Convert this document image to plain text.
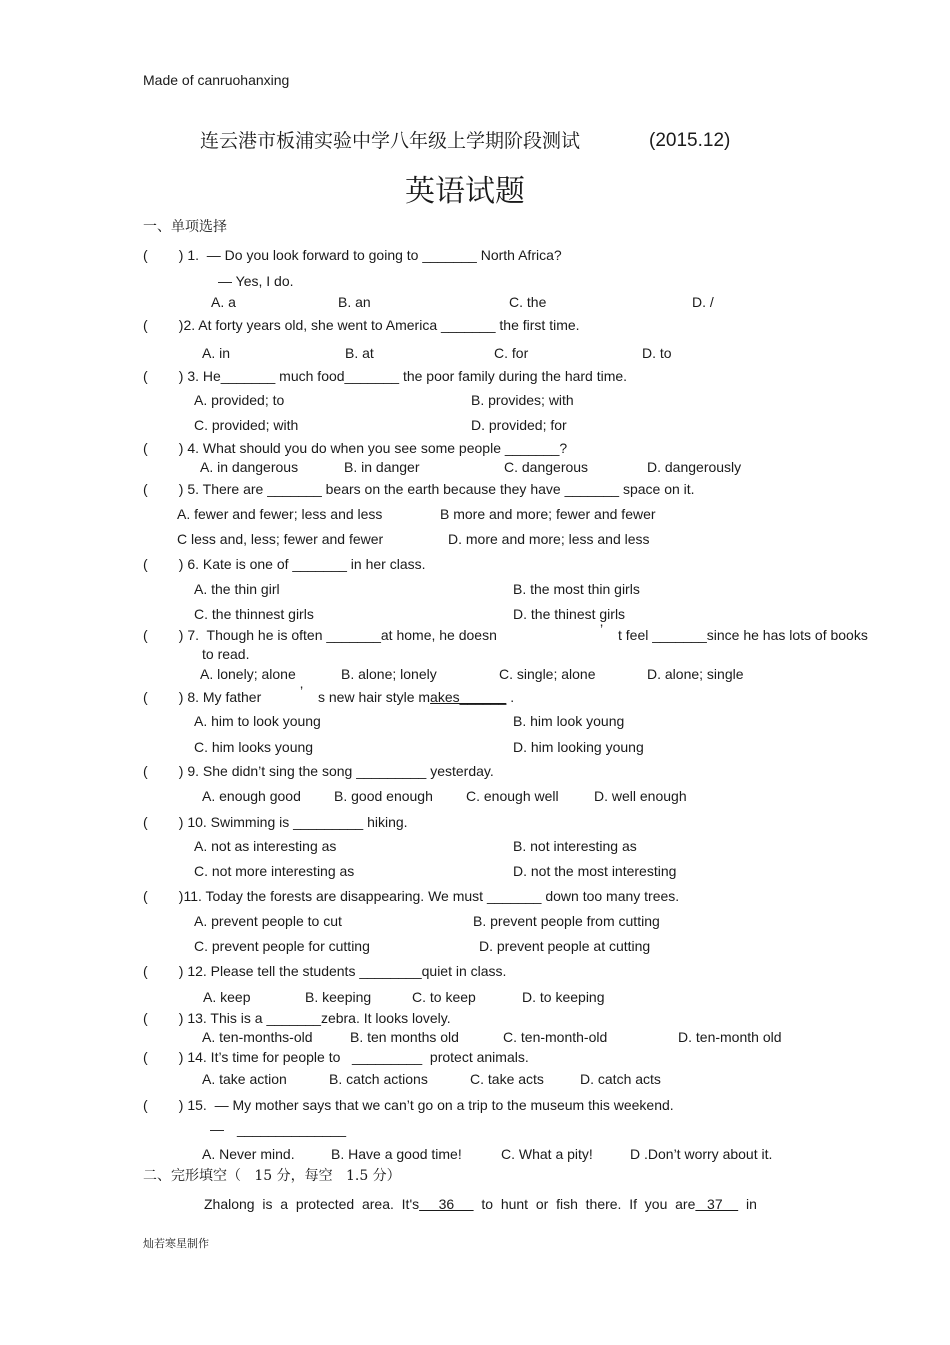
Made of canruohanxing
连云港市板浦实验中学八年级上学期阶段测试	(2015.12)
英语试题
一、单项选择
(        ) 1.  — Do you look forward to going to _______ North Africa?
— Yes, I do.
A. a	B. an	C. the	D. /
(        )2. At forty years old, she went to America _______ the first time.
A. in	B. at	C. for	D. to
(        ) 3. He_______ much food_______ the poor family during the hard time.
A. provided; to	B. provides; with
C. provided; with	D. provided; for
(        ) 4. What should you do when you see some people _______?
A. in dangerous	B. in danger	C. dangerous	D. dangerously
(        ) 5. There are _______ bears on the earth because they have _______ space on it.
A. fewer and fewer; less and less	B more and more; fewer and fewer
C less and, less; fewer and fewer	D. more and more; less and less
(        ) 6. Kate is one of _______ in her class.
A. the thin girl	B. the most thin girls
C. the thinnest girls	D. the thinest girls
(        ) 7.  Though he is often _______at home, he doesn	’ t feel _______since he has lots of books
to read.
A. lonely; alone	B. alone; lonely	C. single; alone	D. alone; single
(        ) 8. My father	’ s new hair style makes______ .
A. him to look young	B. him look young
C. him looks young	D. him looking young
(        ) 9. She didn’t sing the song _________ yesterday.
A. enough good B. good enough C. enough well	D. well enough
(        ) 10. Swimming is _________ hiking.
A. not as interesting as	B. not interesting as
C. not more interesting as	D. not the most interesting
(        )11. Today the forests are disappearing. We must _______ down too many trees.
A. prevent people to cut	B. prevent people from cutting
C. prevent people for cutting	D. prevent people at cutting
(        ) 12. Please tell the students ________quiet in class.
A. keep	B. keeping	C. to keep	D. to keeping
(        ) 13. This is a _______zebra. It looks lovely.
A. ten-months-old	B. ten months old	C. ten-month-old	D. ten-month old
(        ) 14. It’s time for people to   _________  protect animals.
A. take action	B. catch actions	C. take acts	D. catch acts
(        ) 15.  — My mother says that we can’t go on a trip to the museum this weekend.
— ______________
A. Never mind.	B. Have a good time!	C. What a pity!	D .Don’t worry about it.
二、完形填空（   15 分，每空   1.5 分）
Zhalong  is  a  protected  area.  It's     36       to  hunt  or  fish  there.  If  you  are   37      in
灿若寒星制作
